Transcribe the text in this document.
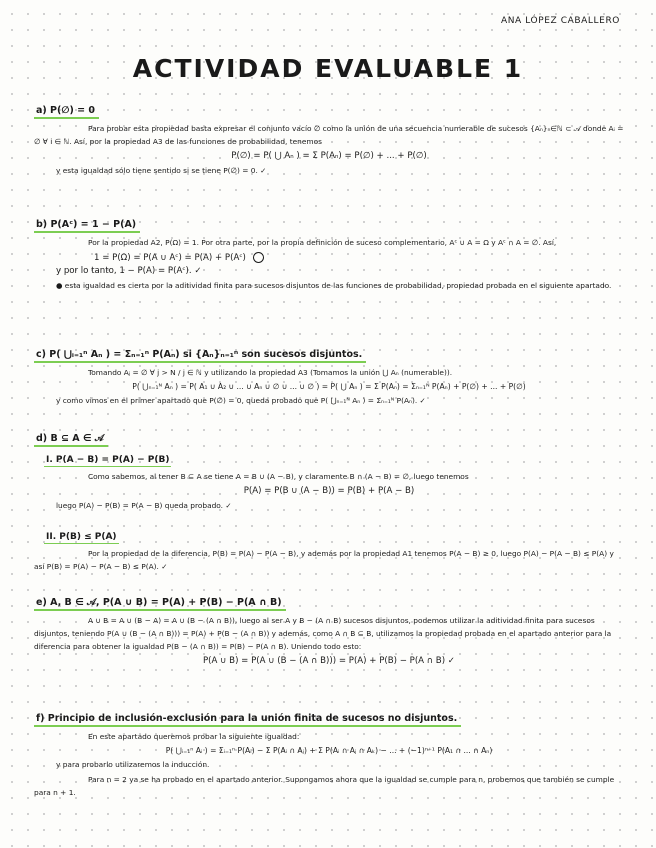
ANA LÓPEZ CABALLERO
ACTIVIDAD EVALUABLE 1
a) P(∅) = 0

Para probar esta propiedad basta expresar el conjunto vacío ∅ como la unión de una secuencia numerable de sucesos {Aₙ}ₙ∈ℕ ⊂ 𝒜 donde Aᵢ = ∅ ∀ i ∈ ℕ. Así, por la propiedad A3 de las funciones de probabilidad, tenemos

P(∅) = P( ⋃ Aₙ ) = Σ P(Aₙ) = P(∅) + ... + P(∅)

y esta igualdad sólo tiene sentido si se tiene P(∅) = 0. ✓

b) P(Aᶜ) = 1 − P(A)

Por la propiedad A2, P(Ω) = 1. Por otra parte, por la propia definición de suceso complementario, Aᶜ ∪ A = Ω y Aᶜ ∩ A = ∅. Así,

1 = P(Ω) = P(A ∪ Aᶜ) = P(A) + P(Aᶜ)
y por lo tanto, 1 − P(A) = P(Aᶜ). ✓

● esta igualdad es cierta por la aditividad finita para sucesos disjuntos de las funciones de probabilidad, propiedad probada en el siguiente apartado.

c) P( ⋃ᵢ₌₁ⁿ Aₙ ) = Σₙ₌₁ⁿ P(Aₙ) si {Aₙ}ₙ₌₁ⁿ son sucesos disjuntos.

Tomando Aⱼ = ∅ ∀ j > N / j ∈ ℕ y utilizando la propiedad A3 (Tomamos la unión ⋃ Aₙ (numerable)).

P( ⋃ₙ₌₁ᴺ Aₙ ) = P( A₁ ∪ A₂ ∪ ... ∪ Aₙ ∪ ∅ ∪ ... ∪ ∅ ) = P( ⋃ Aₙ ) = Σ P(Aₙ) = Σₙ₌₁ᴺ P(Aₙ) + P(∅) + ... + P(∅)

y como vimos en el primer apartado que P(∅) = 0, queda probado que P( ⋃ₙ₌₁ᴺ Aₙ ) = Σₙ₌₁ᴺ P(Aₙ). ✓

d) B ⊆ A ∈ 𝒜
I. P(A − B) = P(A) − P(B)

Como sabemos, al tener B ⊆ A se tiene A = B ∪ (A − B), y claramente B ∩ (A − B) = ∅, luego tenemos

P(A) = P(B ∪ (A − B)) = P(B) + P(A − B)

luego P(A) − P(B) = P(A − B) queda probado. ✓

II. P(B) ≤ P(A)

Por la propiedad de la diferencia, P(B) = P(A) − P(A − B), y además por la propiedad A1 tenemos P(A − B) ≥ 0, luego P(A) − P(A − B) ≤ P(A) y así P(B) = P(A) − P(A − B) ≤ P(A). ✓

e) A, B ∈ 𝒜, P(A ∪ B) = P(A) + P(B) − P(A ∩ B)

A ∪ B = A ∪ (B − A) = A ∪ (B − (A ∩ B)), luego al ser A y B − (A ∩ B) sucesos disjuntos, podemos utilizar la aditividad finita para sucesos disjuntos, teniendo P(A ∪ (B − (A ∩ B))) = P(A) + P(B − (A ∩ B)) y además, como A ∩ B ⊆ B, utilizamos la propiedad probada en el apartado anterior para la diferencia para obtener la igualdad P(B − (A ∩ B)) = P(B) − P(A ∩ B). Uniendo todo esto:

P(A ∪ B) = P(A ∪ (B − (A ∩ B))) = P(A) + P(B) − P(A ∩ B) ✓
f) Principio de inclusión-exclusión para la unión finita de sucesos no disjuntos.

En este apartado queremos probar la siguiente igualdad:

P( ⋃ᵢ₌₁ⁿ Aᵢ ) = Σᵢ₌₁ⁿ P(Aᵢ) − Σ P(Aᵢ ∩ Aⱼ) + Σ P(Aᵢ ∩ Aⱼ ∩ Aₖ) − ... + (−1)ⁿ⁺¹ P(A₁ ∩ ... ∩ Aₙ)

y para probarlo utilizaremos la inducción.

Para n = 2 ya se ha probado en el apartado anterior. Supongamos ahora que la igualdad se cumple para n, probemos que también se cumple para n + 1.
